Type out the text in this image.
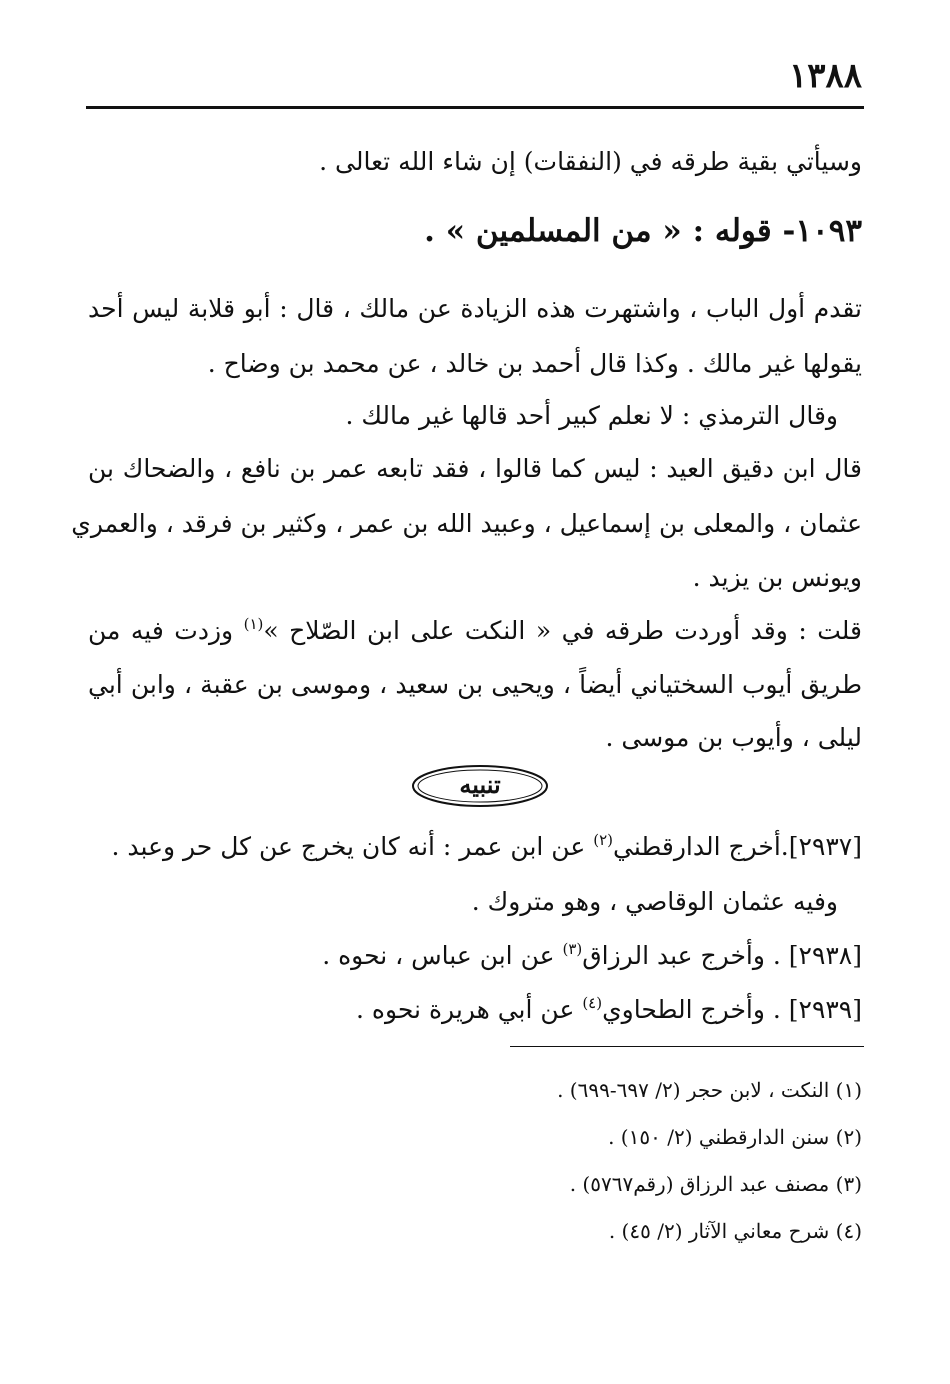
١٣٨٨
وسيأتي بقية طرقه في (النفقات) إن شاء الله تعالى .
١٠٩٣- قوله : « من المسلمين » .
تقدم أول الباب ، واشتهرت هذه الزيادة عن مالك ، قال : أبو قلابة ليس أحد
يقولها غير مالك . وكذا قال أحمد بن خالد ، عن محمد بن وضاح .
وقال الترمذي : لا نعلم كبير أحد قالها غير مالك .
قال ابن دقيق العيد : ليس كما قالوا ، فقد تابعه عمر بن نافع ، والضحاك بن
عثمان ، والمعلى بن إسماعيل ، وعبيد الله بن عمر ، وكثير بن فرقد ، والعمري
ويونس بن يزيد .
قلت : وقد أوردت طرقه في « النكت على ابن الصّلاح »$^{(١)}$ وزدت فيه من
طريق أيوب السختياني أيضاً ، ويحيى بن سعيد ، وموسى بن عقبة ، وابن أبي
ليلى ، وأيوب بن موسى .
تنبيه
[٢٩٣٧].أخرج الدارقطني$^{(٢)}$ عن ابن عمر : أنه كان يخرج عن كل حر وعبد .
وفيه عثمان الوقاصي ، وهو متروك .
[٢٩٣٨] . وأخرج عبد الرزاق$^{(٣)}$ عن ابن عباس ، نحوه .
[٢٩٣٩] . وأخرج الطحاوي$^{(٤)}$ عن أبي هريرة نحوه .
(١) النكت ، لابن حجر (٢/ ٦٩٧-٦٩٩) .
(٢) سنن الدارقطني (٢/ ١٥٠) .
(٣) مصنف عبد الرزاق (رقم٥٧٦٧) .
(٤) شرح معاني الآثار (٢/ ٤٥) .
